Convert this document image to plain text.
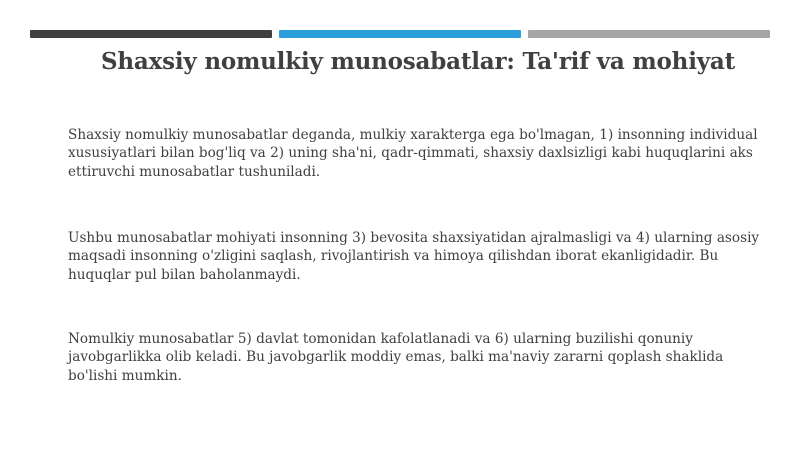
Shaxsiy nomulkiy munosabatlar: Ta'rif va mohiyat

Shaxsiy nomulkiy munosabatlar deganda, mulkiy xarakterga ega bo'lmagan, 1) insonning individual xususiyatlari bilan bog'liq va 2) uning sha'ni, qadr-qimmati, shaxsiy daxlsizligi kabi huquqlarini aks ettiruvchi munosabatlar tushuniladi.

Ushbu munosabatlar mohiyati insonning 3) bevosita shaxsiyatidan ajralmasligi va 4) ularning asosiy maqsadi insonning o'zligini saqlash, rivojlantirish va himoya qilishdan iborat ekanligidadir. Bu huquqlar pul bilan baholanmaydi.

Nomulkiy munosabatlar 5) davlat tomonidan kafolatlanadi va 6) ularning buzilishi qonuniy javobgarlikka olib keladi. Bu javobgarlik moddiy emas, balki ma'naviy zararni qoplash shaklida bo'lishi mumkin.
